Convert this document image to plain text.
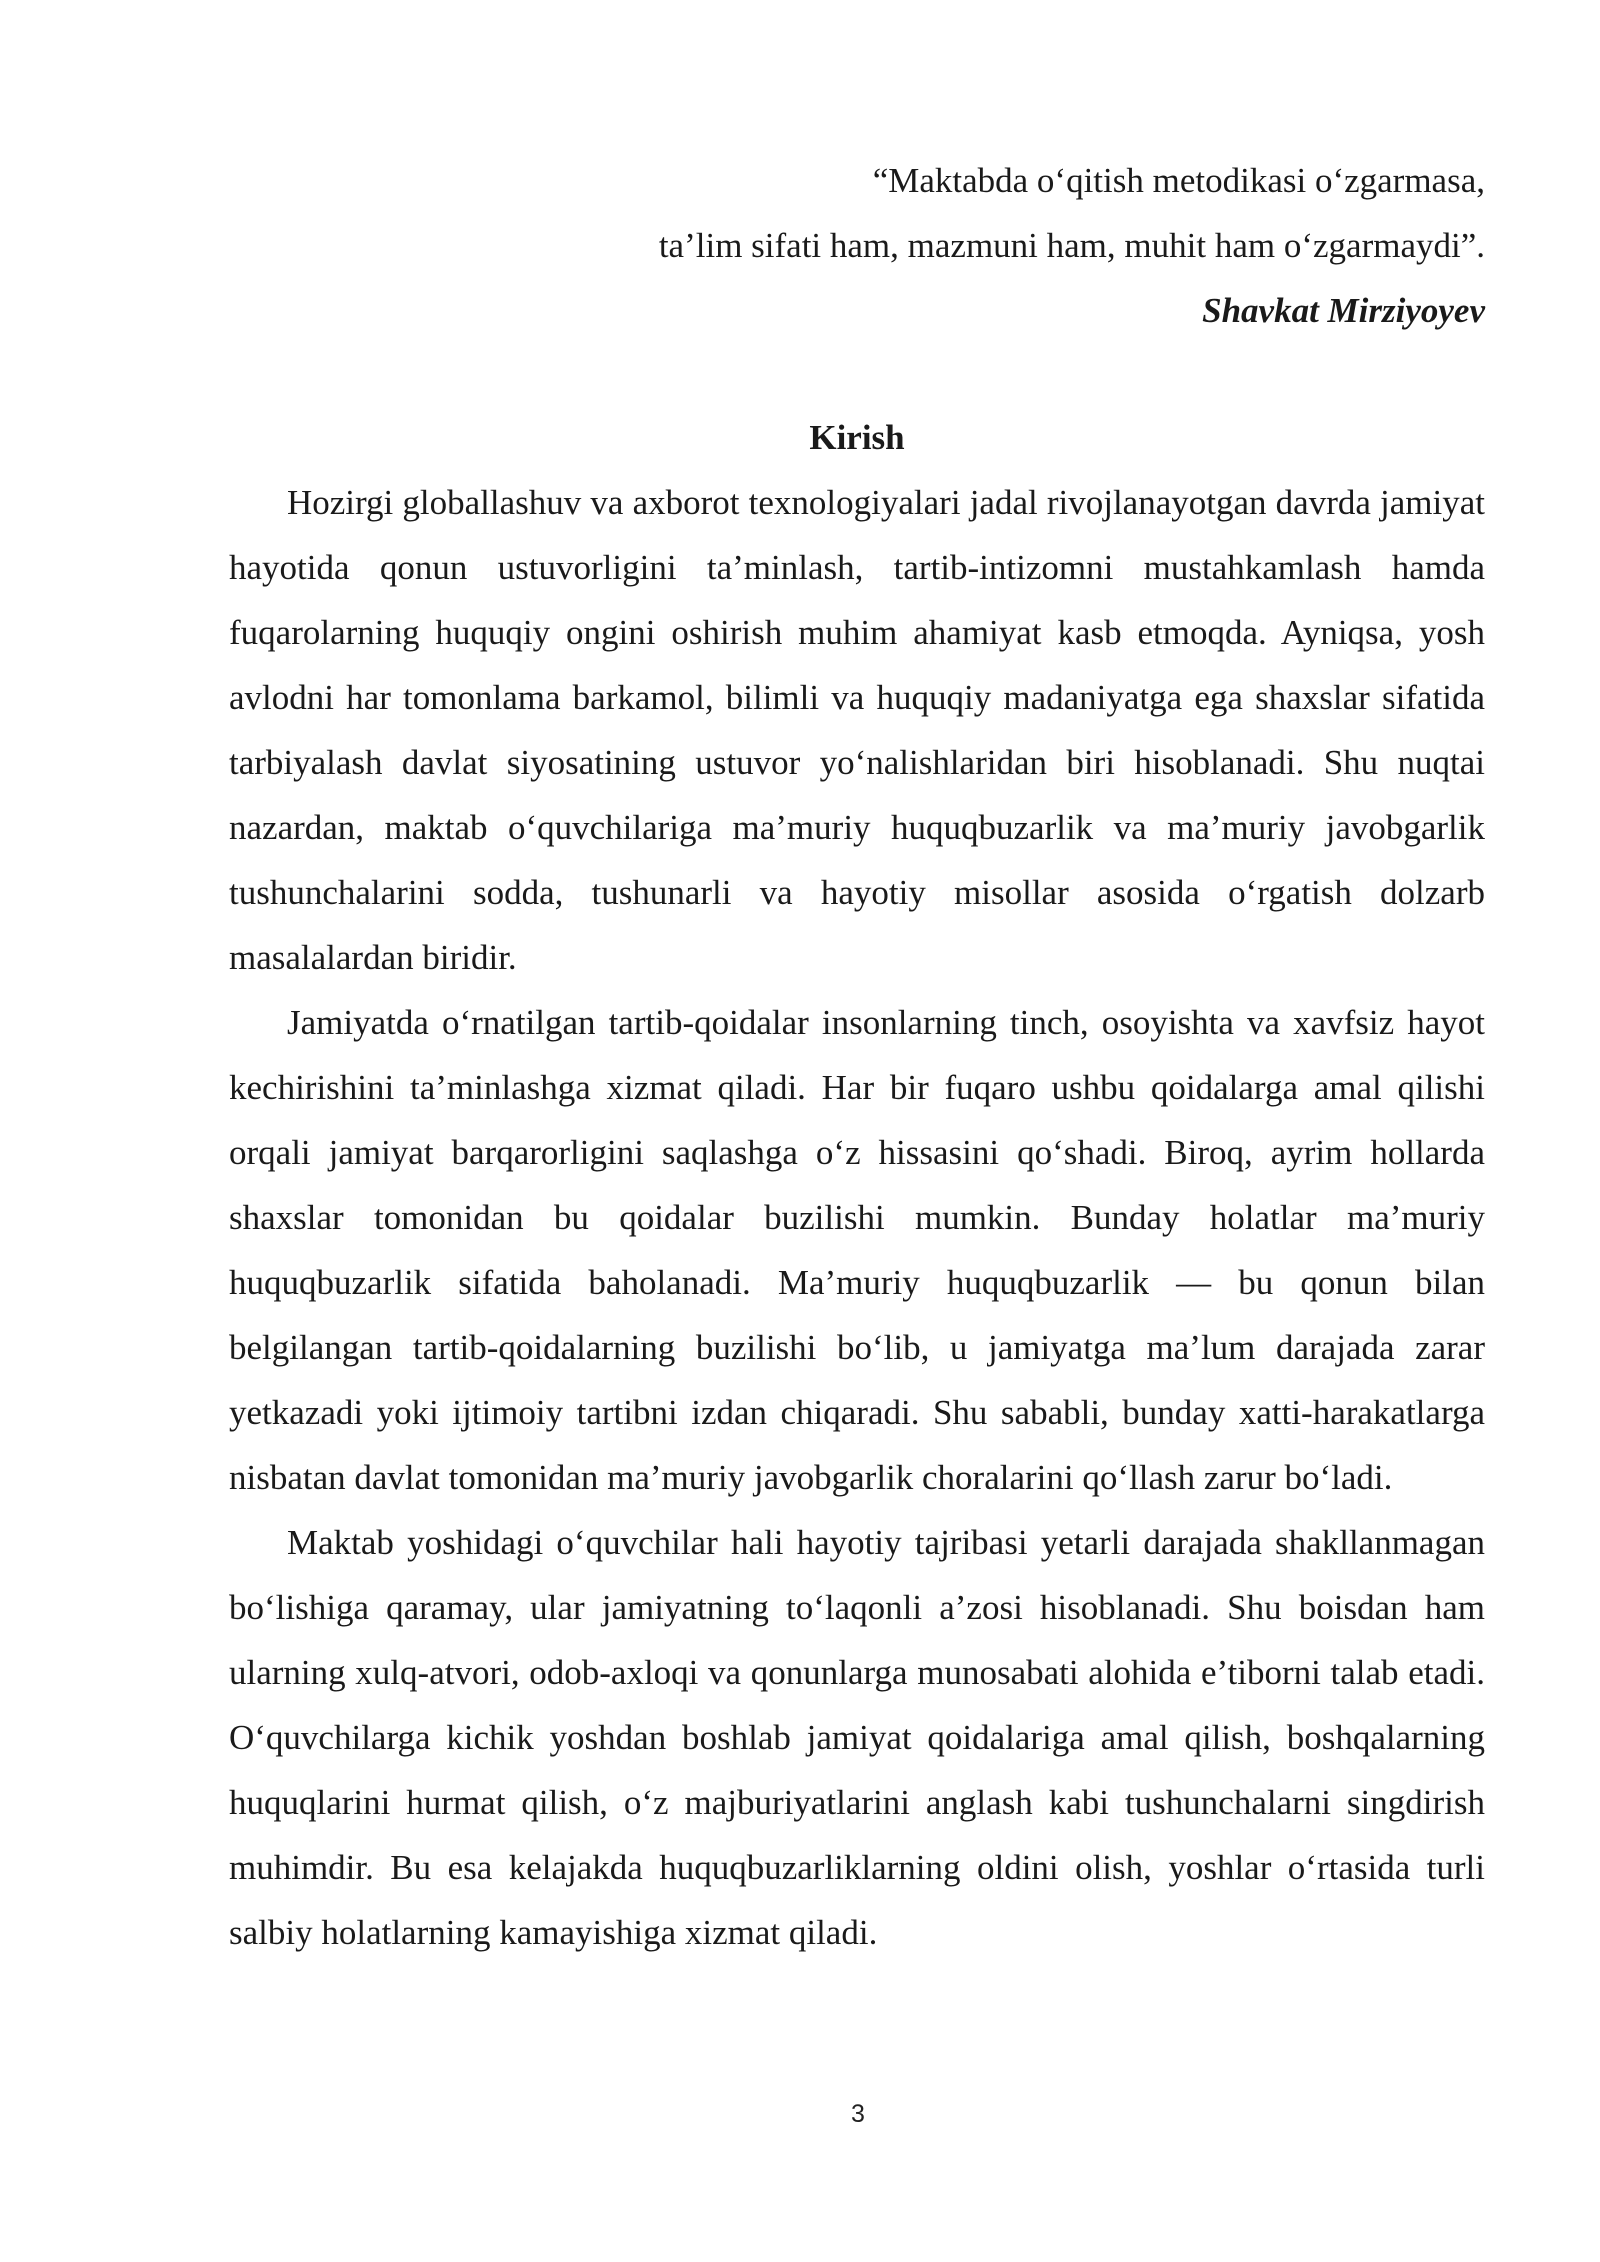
“Maktabda o‘qitish metodikasi o‘zgarmasa,
ta’lim sifati ham, mazmuni ham, muhit ham o‘zgarmaydi”.
Shavkat Mirziyoyev
Kirish

Hozirgi globallashuv va axborot texnologiyalari jadal rivojlanayotgan davrda jamiyat hayotida qonun ustuvorligini ta’minlash, tartib-intizomni mustahkamlash hamda fuqarolarning huquqiy ongini oshirish muhim ahamiyat kasb etmoqda. Ayniqsa, yosh avlodni har tomonlama barkamol, bilimli va huquqiy madaniyatga ega shaxslar sifatida tarbiyalash davlat siyosatining ustuvor yo‘nalishlaridan biri hisoblanadi. Shu nuqtai nazardan, maktab o‘quvchilariga ma’muriy huquqbuzarlik va ma’muriy javobgarlik tushunchalarini sodda, tushunarli va hayotiy misollar asosida o‘rgatish dolzarb masalalardan biridir.

Jamiyatda o‘rnatilgan tartib-qoidalar insonlarning tinch, osoyishta va xavfsiz hayot kechirishini ta’minlashga xizmat qiladi. Har bir fuqaro ushbu qoidalarga amal qilishi orqali jamiyat barqarorligini saqlashga o‘z hissasini qo‘shadi. Biroq, ayrim hollarda shaxslar tomonidan bu qoidalar buzilishi mumkin. Bunday holatlar ma’muriy huquqbuzarlik sifatida baholanadi. Ma’muriy huquqbuzarlik — bu qonun bilan belgilangan tartib-qoidalarning buzilishi bo‘lib, u jamiyatga ma’lum darajada zarar yetkazadi yoki ijtimoiy tartibni izdan chiqaradi. Shu sababli, bunday xatti-harakatlarga nisbatan davlat tomonidan ma’muriy javobgarlik choralarini qo‘llash zarur bo‘ladi.

Maktab yoshidagi o‘quvchilar hali hayotiy tajribasi yetarli darajada shakllanmagan bo‘lishiga qaramay, ular jamiyatning to‘laqonli a’zosi hisoblanadi. Shu boisdan ham ularning xulq-atvori, odob-axloqi va qonunlarga munosabati alohida e’tiborni talab etadi. O‘quvchilarga kichik yoshdan boshlab jamiyat qoidalariga amal qilish, boshqalarning huquqlarini hurmat qilish, o‘z majburiyatlarini anglash kabi tushunchalarni singdirish muhimdir. Bu esa kelajakda huquqbuzarliklarning oldini olish, yoshlar o‘rtasida turli salbiy holatlarning kamayishiga xizmat qiladi.

3
